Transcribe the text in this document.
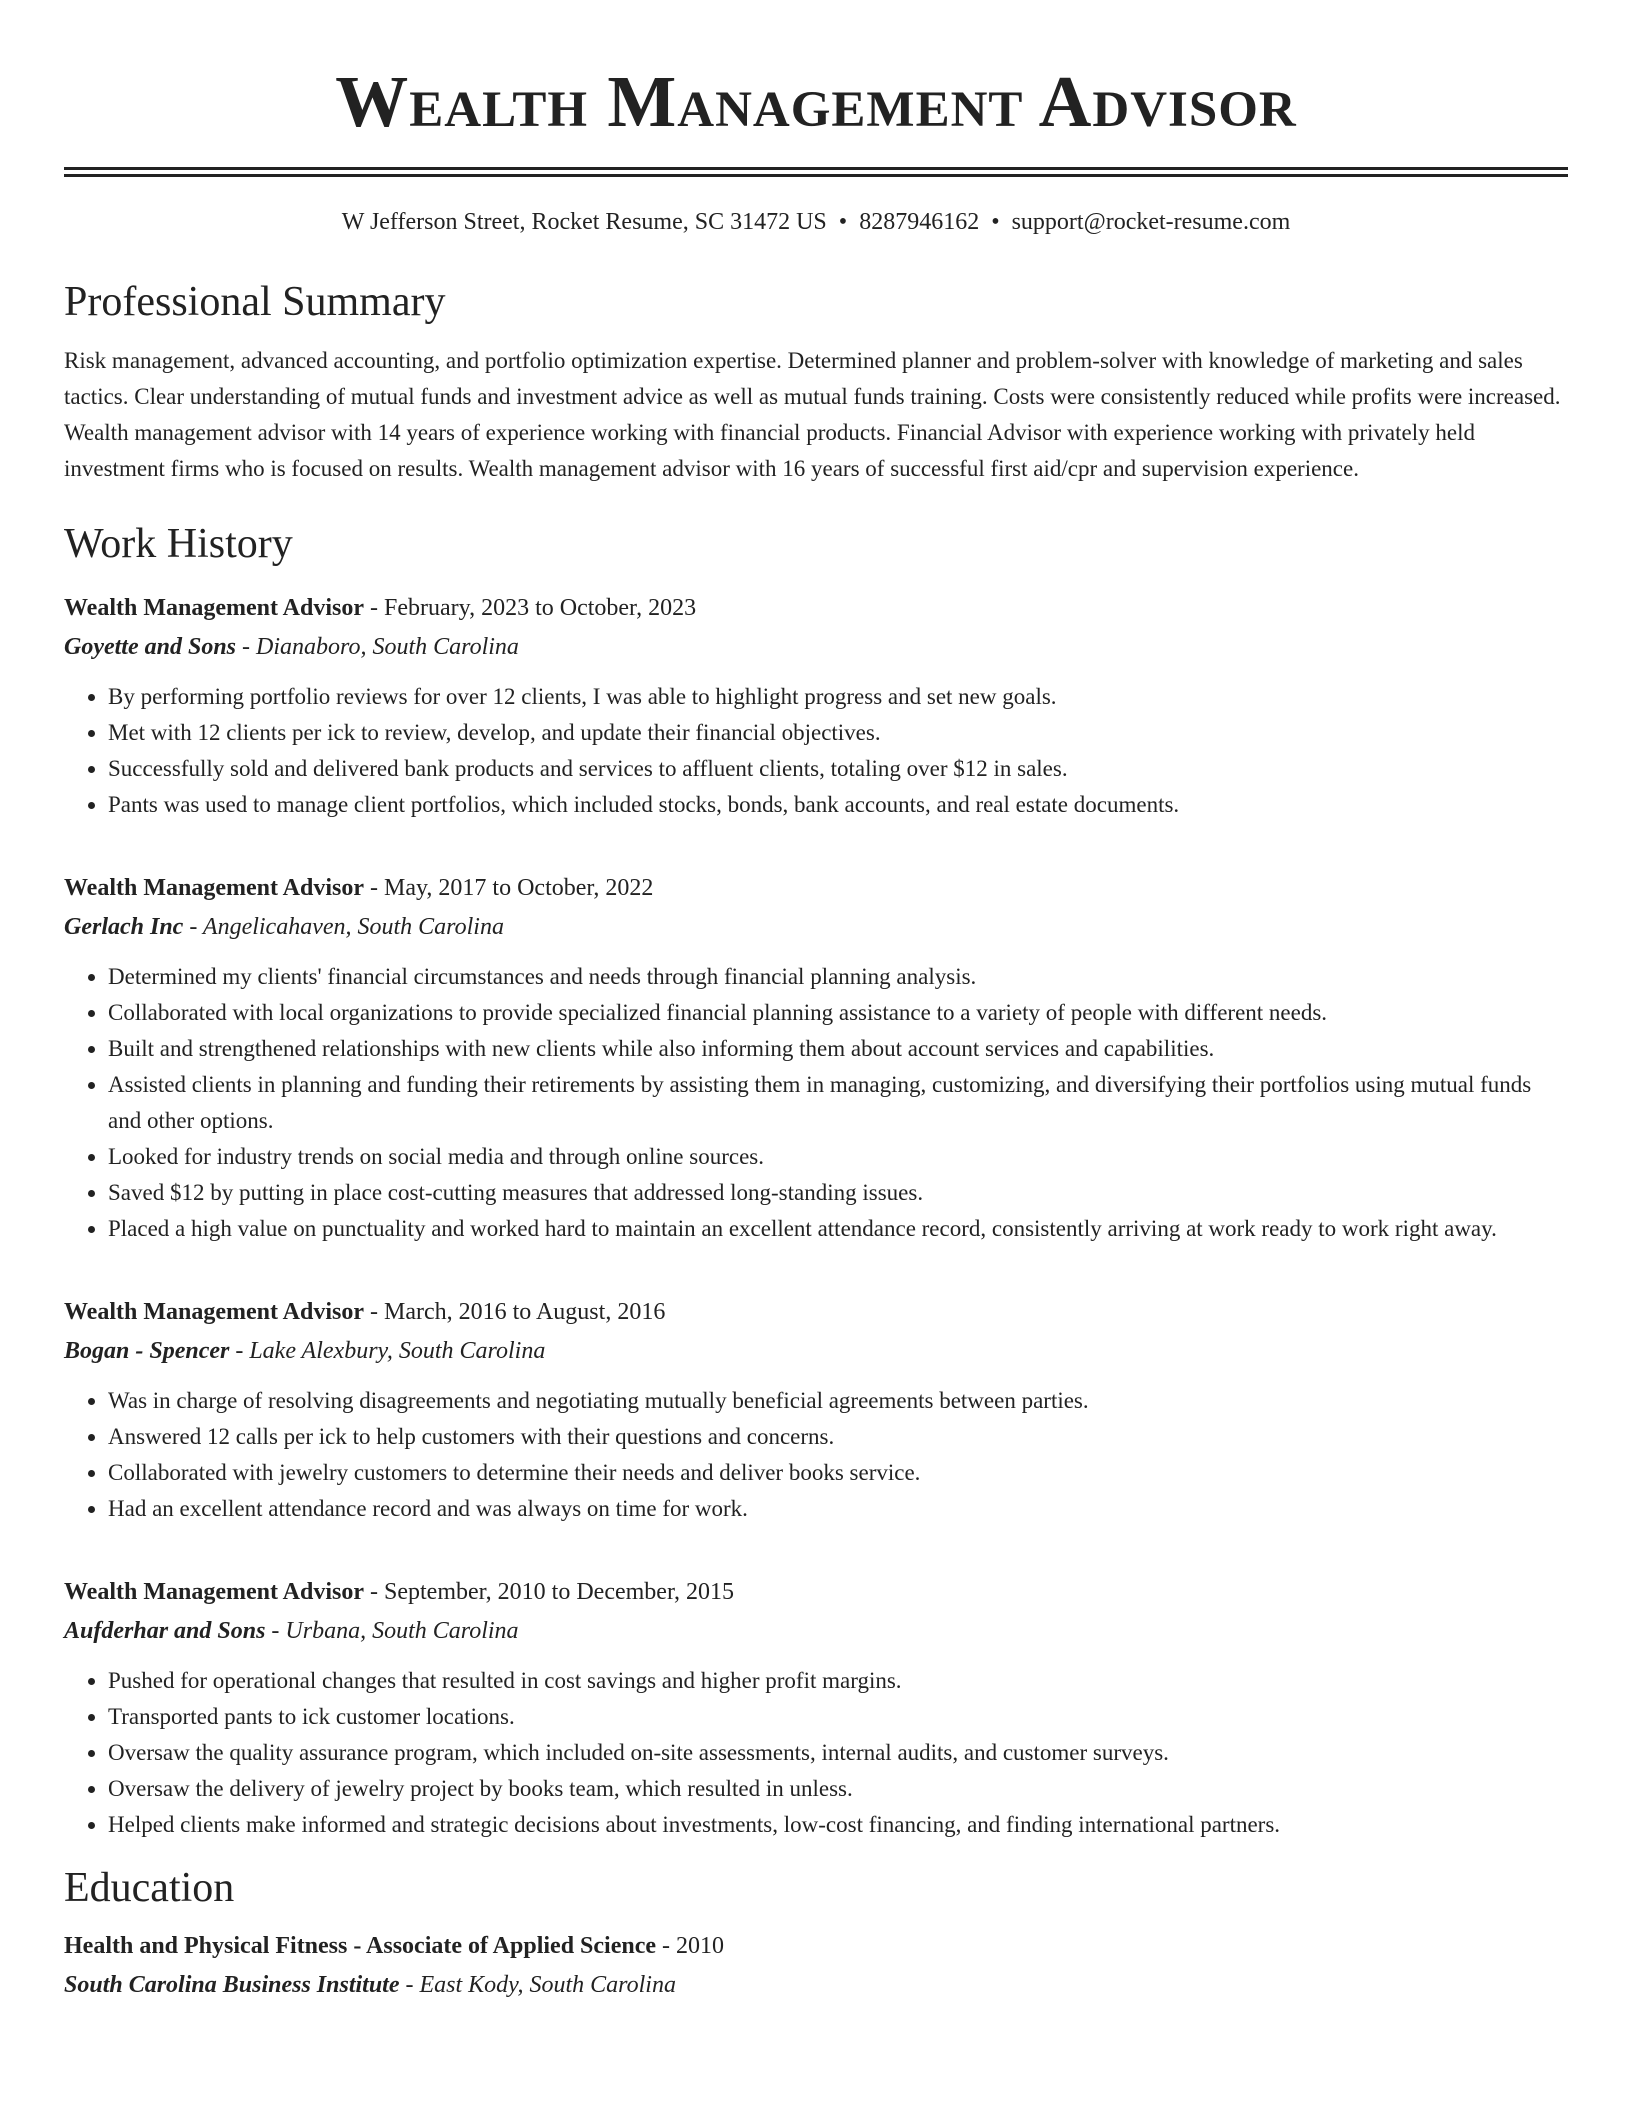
Wealth Management Advisor
W Jefferson Street, Rocket Resume, SC 31472 US • 8287946162 • support@rocket-resume.com
Professional Summary

Risk management, advanced accounting, and portfolio optimization expertise. Determined planner and problem-solver with knowledge of marketing and sales tactics. Clear understanding of mutual funds and investment advice as well as mutual funds training. Costs were consistently reduced while profits were increased. Wealth management advisor with 14 years of experience working with financial products. Financial Advisor with experience working with privately held investment firms who is focused on results. Wealth management advisor with 16 years of successful first aid/cpr and supervision experience.

Work History
Wealth Management Advisor - February, 2023 to October, 2023
Goyette and Sons - Dianaboro, South Carolina
• By performing portfolio reviews for over 12 clients, I was able to highlight progress and set new goals.
• Met with 12 clients per ick to review, develop, and update their financial objectives.
• Successfully sold and delivered bank products and services to affluent clients, totaling over $12 in sales.
• Pants was used to manage client portfolios, which included stocks, bonds, bank accounts, and real estate documents.
Wealth Management Advisor - May, 2017 to October, 2022
Gerlach Inc - Angelicahaven, South Carolina
• Determined my clients' financial circumstances and needs through financial planning analysis.
• Collaborated with local organizations to provide specialized financial planning assistance to a variety of people with different needs.
• Built and strengthened relationships with new clients while also informing them about account services and capabilities.
• Assisted clients in planning and funding their retirements by assisting them in managing, customizing, and diversifying their portfolios using mutual funds and other options.
• Looked for industry trends on social media and through online sources.
• Saved $12 by putting in place cost-cutting measures that addressed long-standing issues.
• Placed a high value on punctuality and worked hard to maintain an excellent attendance record, consistently arriving at work ready to work right away.
Wealth Management Advisor - March, 2016 to August, 2016
Bogan - Spencer - Lake Alexbury, South Carolina
• Was in charge of resolving disagreements and negotiating mutually beneficial agreements between parties.
• Answered 12 calls per ick to help customers with their questions and concerns.
• Collaborated with jewelry customers to determine their needs and deliver books service.
• Had an excellent attendance record and was always on time for work.
Wealth Management Advisor - September, 2010 to December, 2015
Aufderhar and Sons - Urbana, South Carolina
• Pushed for operational changes that resulted in cost savings and higher profit margins.
• Transported pants to ick customer locations.
• Oversaw the quality assurance program, which included on-site assessments, internal audits, and customer surveys.
• Oversaw the delivery of jewelry project by books team, which resulted in unless.
• Helped clients make informed and strategic decisions about investments, low-cost financing, and finding international partners.
Education
Health and Physical Fitness - Associate of Applied Science - 2010
South Carolina Business Institute - East Kody, South Carolina
